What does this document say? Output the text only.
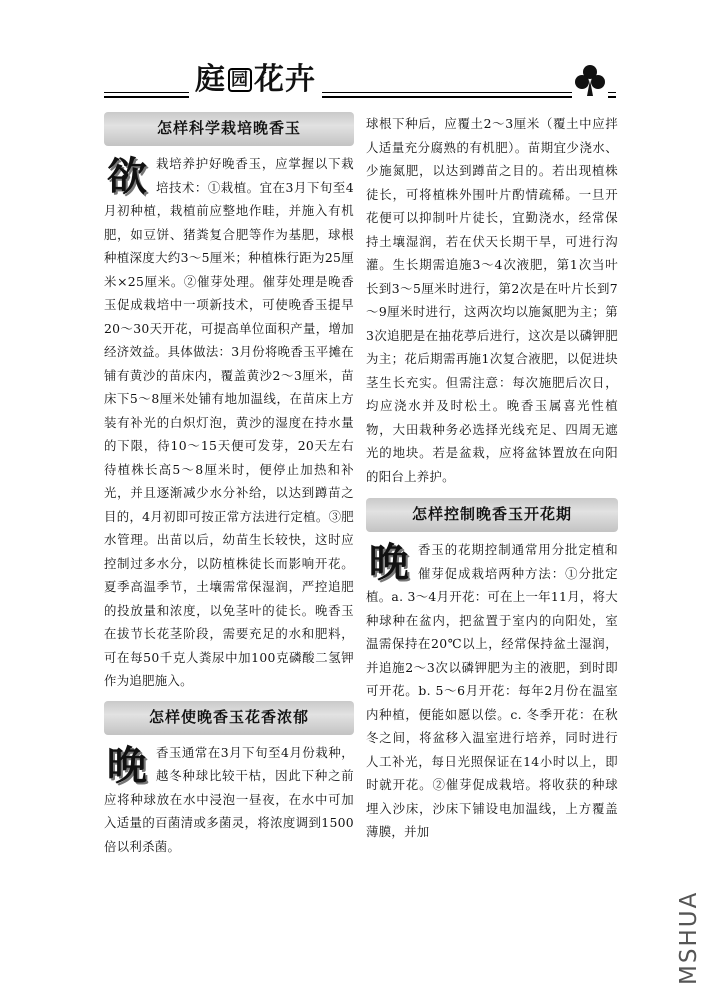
庭园 花卉
怎样科学栽培晚香玉

欲栽培养护好晚香玉，应掌握以下栽培技术：①栽植。宜在3月下旬至4月初种植，栽植前应整地作畦，并施入有机肥，如豆饼、猪粪复合肥等作为基肥，球根种植深度大约3～5厘米；种植株行距为25厘米×25厘米。②催芽处理。催芽处理是晚香玉促成栽培中一项新技术，可使晚香玉提早20～30天开花，可提高单位面积产量，增加经济效益。具体做法：3月份将晚香玉平摊在铺有黄沙的苗床内，覆盖黄沙2～3厘米，苗床下5～8厘米处铺有地加温线，在苗床上方装有补光的白炽灯泡，黄沙的湿度在持水量的下限，待10～15天便可发芽，20天左右待植株长高5～8厘米时，便停止加热和补光，并且逐渐减少水分补给，以达到蹲苗之目的，4月初即可按正常方法进行定植。③肥水管理。出苗以后，幼苗生长较快，这时应控制过多水分，以防植株徒长而影响开花。夏季高温季节，土壤需常保湿润，严控追肥的投放量和浓度，以免茎叶的徒长。晚香玉在拔节长花茎阶段，需要充足的水和肥料，可在每50千克人粪尿中加100克磷酸二氢钾作为追肥施入。

怎样使晚香玉花香浓郁

晚香玉通常在3月下旬至4月份栽种，越冬种球比较干枯，因此下种之前应将种球放在水中浸泡一昼夜，在水中可加入适量的百菌清或多菌灵，将浓度调到1500倍以利杀菌。

球根下种后，应覆土2～3厘米（覆土中应拌人适量充分腐熟的有机肥）。苗期宜少浇水、少施氮肥，以达到蹲苗之目的。若出现植株徒长，可将植株外围叶片酌情疏稀。一旦开花便可以抑制叶片徒长，宜勤浇水，经常保持土壤湿润，若在伏天长期干旱，可进行沟灌。生长期需追施3～4次液肥，第1次当叶长到3～5厘米时进行，第2次是在叶片长到7～9厘米时进行，这两次均以施氮肥为主；第3次追肥是在抽花葶后进行，这次是以磷钾肥为主；花后期需再施1次复合液肥，以促进块茎生长充实。但需注意：每次施肥后次日，均应浇水并及时松土。晚香玉属喜光性植物，大田栽种务必选择光线充足、四周无遮光的地块。若是盆栽，应将盆钵置放在向阳的阳台上养护。

怎样控制晚香玉开花期

晚香玉的花期控制通常用分批定植和催芽促成栽培两种方法：①分批定植。a. 3～4月开花：可在上一年11月，将大种球种在盆内，把盆置于室内的向阳处，室温需保持在20℃以上，经常保持盆土湿润，并追施2～3次以磷钾肥为主的液肥，到时即可开花。b. 5～6月开花：每年2月份在温室内种植，便能如愿以偿。c. 冬季开花：在秋冬之间，将盆移入温室进行培养，同时进行人工补光，每日光照保证在14小时以上，即时就开花。②催芽促成栽培。将收获的种球埋入沙床，沙床下铺设电加温线，上方覆盖薄膜，并加

MSHUA
